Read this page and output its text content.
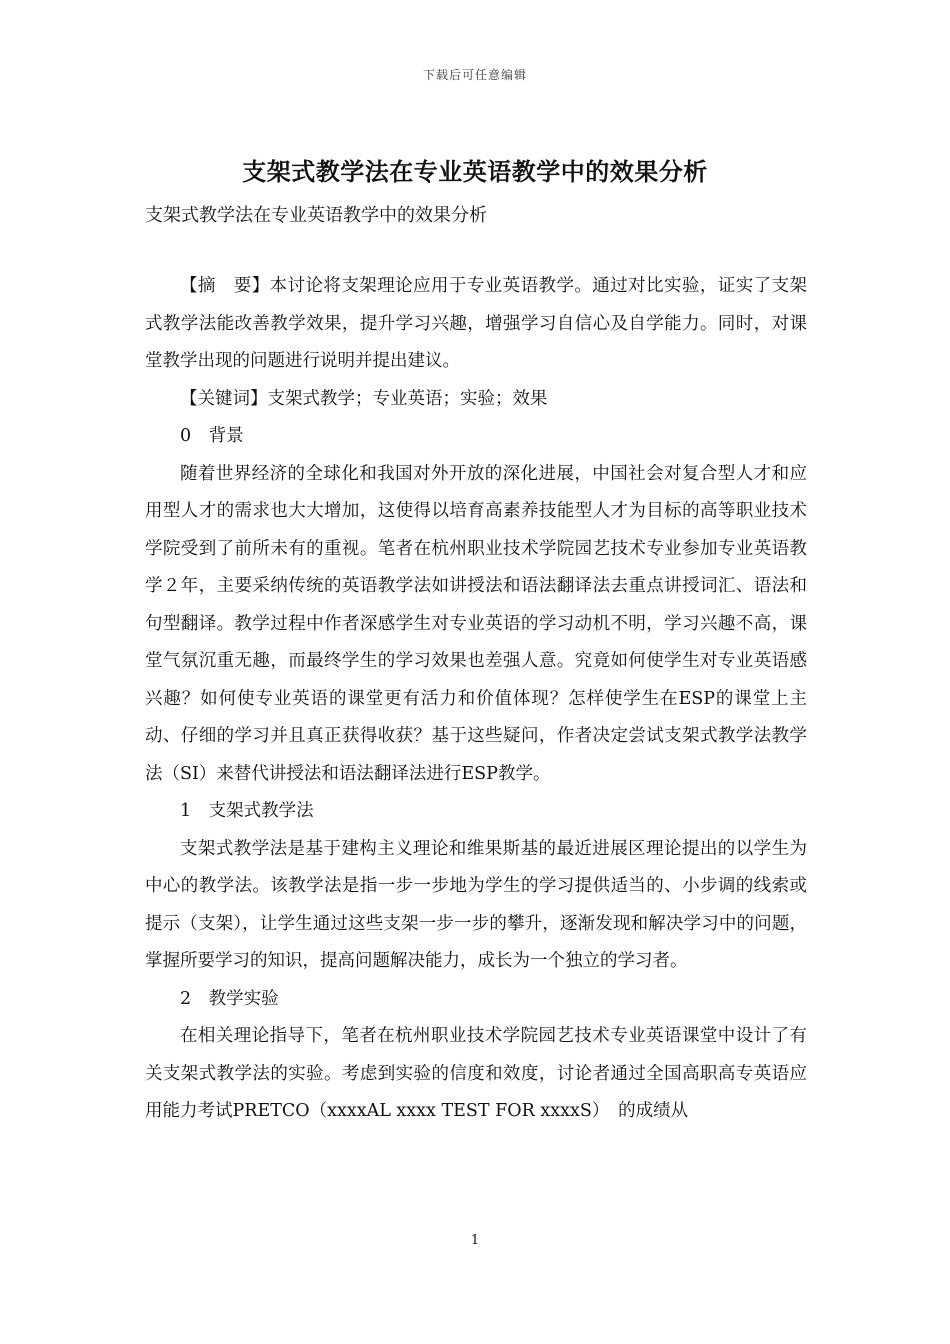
下载后可任意编辑
支架式教学法在专业英语教学中的效果分析
支架式教学法在专业英语教学中的效果分析

【摘　要】本讨论将支架理论应用于专业英语教学。通过对比实验，证实了支架式教学法能改善教学效果，提升学习兴趣，增强学习自信心及自学能力。同时，对课堂教学出现的问题进行说明并提出建议。

【关键词】支架式教学；专业英语；实验；效果

0　背景

随着世界经济的全球化和我国对外开放的深化进展，中国社会对复合型人才和应用型人才的需求也大大增加，这使得以培育高素养技能型人才为目标的高等职业技术学院受到了前所未有的重视。笔者在杭州职业技术学院园艺技术专业参加专业英语教学２年，主要采纳传统的英语教学法如讲授法和语法翻译法去重点讲授词汇、语法和句型翻译。教学过程中作者深感学生对专业英语的学习动机不明，学习兴趣不高，课堂气氛沉重无趣，而最终学生的学习效果也差强人意。究竟如何使学生对专业英语感兴趣？如何使专业英语的课堂更有活力和价值体现？怎样使学生在ESP的课堂上主动、仔细的学习并且真正获得收获？基于这些疑问，作者决定尝试支架式教学法教学法（SI）来替代讲授法和语法翻译法进行ESP教学。

1　支架式教学法

支架式教学法是基于建构主义理论和维果斯基的最近进展区理论提出的以学生为中心的教学法。该教学法是指一步一步地为学生的学习提供适当的、小步调的线索或提示（支架），让学生通过这些支架一步一步的攀升，逐渐发现和解决学习中的问题，掌握所要学习的知识，提高问题解决能力，成长为一个独立的学习者。

2　教学实验

在相关理论指导下，笔者在杭州职业技术学院园艺技术专业英语课堂中设计了有关支架式教学法的实验。考虑到实验的信度和效度，讨论者通过全国高职高专英语应用能力考试PRETCO（xxxxAL xxxx TEST FOR xxxxS）　的成绩从

1
